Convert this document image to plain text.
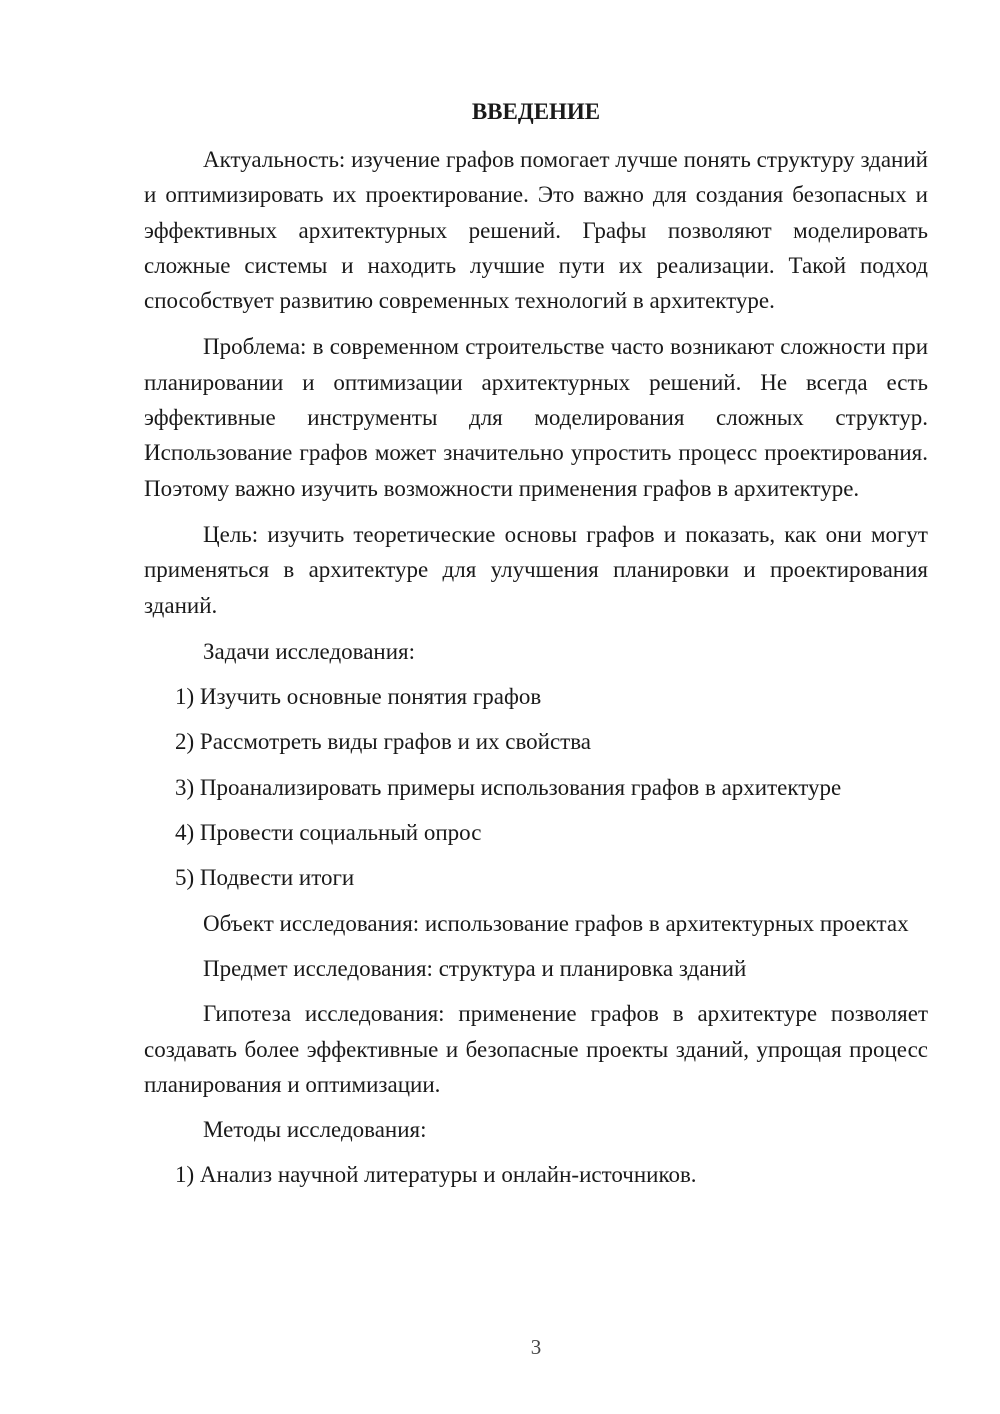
ВВЕДЕНИЕ

Актуальность: изучение графов помогает лучше понять структуру зданий и оптимизировать их проектирование. Это важно для создания безопасных и эффективных архитектурных решений. Графы позволяют моделировать сложные системы и находить лучшие пути их реализации. Такой подход способствует развитию современных технологий в архитектуре.

Проблема: в современном строительстве часто возникают сложности при планировании и оптимизации архитектурных решений. Не всегда есть эффективные инструменты для моделирования сложных структур. Использование графов может значительно упростить процесс проектирования. Поэтому важно изучить возможности применения графов в архитектуре.

Цель: изучить теоретические основы графов и показать, как они могут применяться в архитектуре для улучшения планировки и проектирования зданий.

Задачи исследования:

1) Изучить основные понятия графов

2) Рассмотреть виды графов и их свойства

3) Проанализировать примеры использования графов в архитектуре

4) Провести социальный опрос

5) Подвести итоги

Объект исследования: использование графов в архитектурных проектах

Предмет исследования: структура и планировка зданий

Гипотеза исследования: применение графов в архитектуре позволяет создавать более эффективные и безопасные проекты зданий, упрощая процесс планирования и оптимизации.

Методы исследования:

1) Анализ научной литературы и онлайн-источников.

3
